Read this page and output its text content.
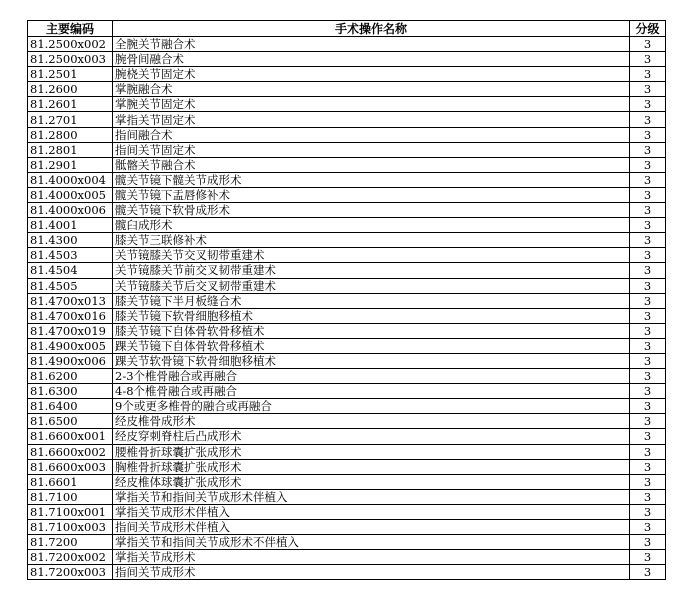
主要编码	手术操作名称	分级
81.2500x002	全腕关节融合术	3
81.2500x003	腕骨间融合术	3
81.2501	腕桡关节固定术	3
81.2600	掌腕融合术	3
81.2601	掌腕关节固定术	3
81.2701	掌指关节固定术	3
81.2800	指间融合术	3
81.2801	指间关节固定术	3
81.2901	骶髂关节融合术	3
81.4000x004	髋关节镜下髋关节成形术	3
81.4000x005	髋关节镜下盂唇修补术	3
81.4000x006	髋关节镜下软骨成形术	3
81.4001	髋臼成形术	3
81.4300	膝关节三联修补术	3
81.4503	关节镜膝关节交叉韧带重建术	3
81.4504	关节镜膝关节前交叉韧带重建术	3
81.4505	关节镜膝关节后交叉韧带重建术	3
81.4700x013	膝关节镜下半月板缝合术	3
81.4700x016	膝关节镜下软骨细胞移植术	3
81.4700x019	膝关节镜下自体骨软骨移植术	3
81.4900x005	踝关节镜下自体骨软骨移植术	3
81.4900x006	踝关节软骨镜下软骨细胞移植术	3
81.6200	2-3个椎骨融合或再融合	3
81.6300	4-8个椎骨融合或再融合	3
81.6400	9个或更多椎骨的融合或再融合	3
81.6500	经皮椎骨成形术	3
81.6600x001	经皮穿刺脊柱后凸成形术	3
81.6600x002	腰椎骨折球囊扩张成形术	3
81.6600x003	胸椎骨折球囊扩张成形术	3
81.6601	经皮椎体球囊扩张成形术	3
81.7100	掌指关节和指间关节成形术伴植入	3
81.7100x001	掌指关节成形术伴植入	3
81.7100x003	指间关节成形术伴植入	3
81.7200	掌指关节和指间关节成形术不伴植入	3
81.7200x002	掌指关节成形术	3
81.7200x003	指间关节成形术	3
